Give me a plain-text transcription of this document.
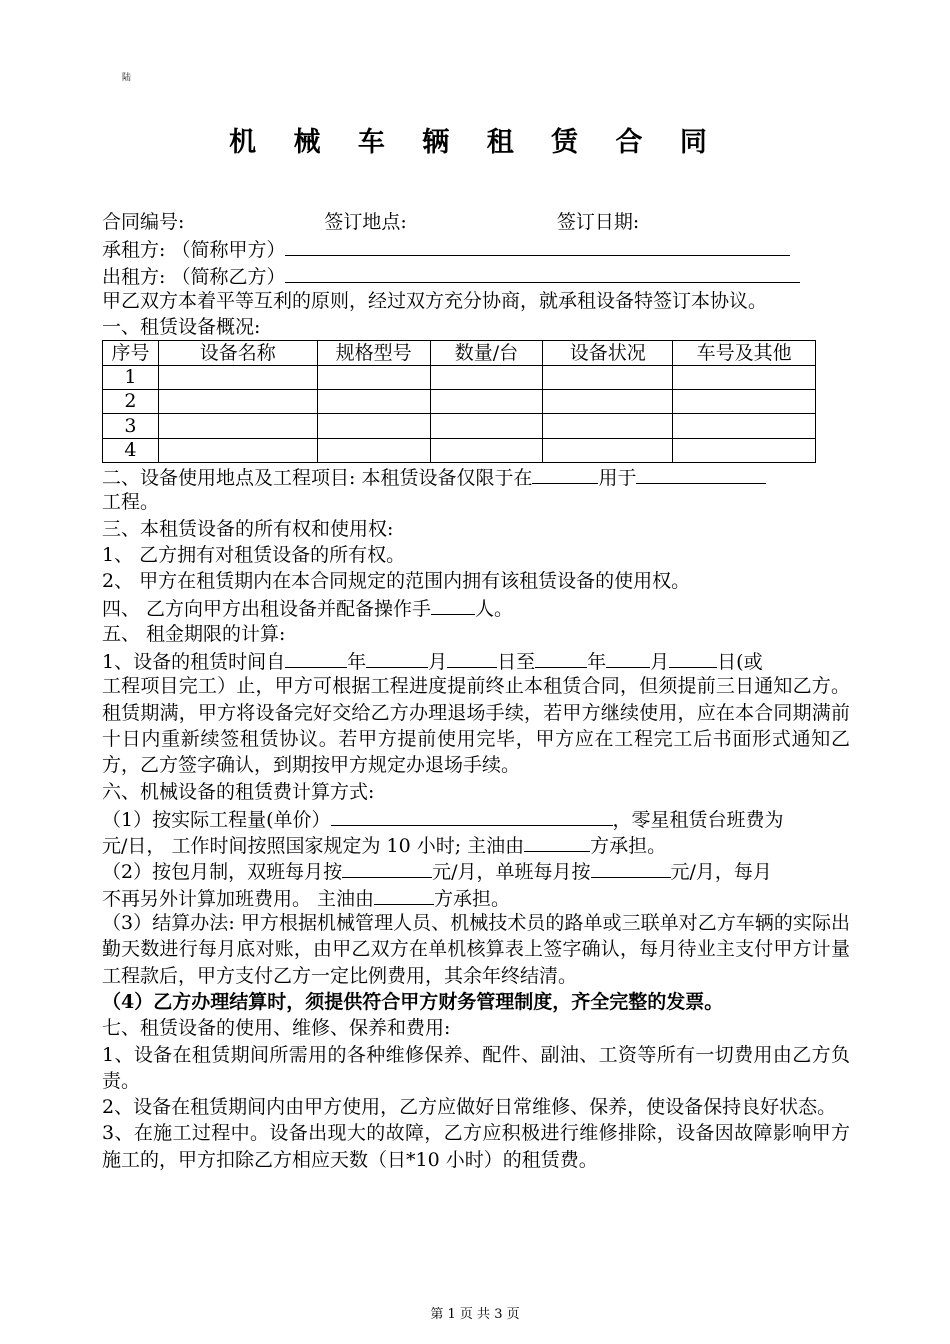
陆
机 械 车 辆 租 赁 合 同
合同编号:	签订地点:	签订日期:
承租方: （简称甲方）
出租方: （简称乙方）
甲乙双方本着平等互利的原则，经过双方充分协商，就承租设备特签订本协议。
一、租赁设备概况:
序号	设备名称	规格型号	数量/台	设备状况	车号及其他
1					
2					
3					
4					
二、设备使用地点及工程项目: 本租赁设备仅限于在	用于
工程。
三、本租赁设备的所有权和使用权:
1、 乙方拥有对租赁设备的所有权。
2、 甲方在租赁期内在本合同规定的范围内拥有该租赁设备的使用权。
四、 乙方向甲方出租设备并配备操作手 人。
五、 租金期限的计算:
1、设备的租赁时间自	年	月	日至	年 月	日(或
工程项目完工）止，甲方可根据工程进度提前终止本租赁合同，但须提前三日通知乙方。租赁期满，甲方将设备完好交给乙方办理退场手续，若甲方继续使用，应在本合同期满前十日内重新续签租赁协议。若甲方提前使用完毕，甲方应在工程完工后书面形式通知乙方，乙方签字确认，到期按甲方规定办退场手续。
六、机械设备的租赁费计算方式:
（1）按实际工程量(单价）	，零星租赁台班费为
元/日， 工作时间按照国家规定为 10 小时; 主油由	方承担。
（2）按包月制，双班每月按	元/月，单班每月按	元/月，每月
不再另外计算加班费用。 主油由	方承担。
（3）结算办法: 甲方根据机械管理人员、机械技术员的路单或三联单对乙方车辆的实际出勤天数进行每月底对账，由甲乙双方在单机核算表上签字确认，每月待业主支付甲方计量工程款后，甲方支付乙方一定比例费用，其余年终结清。
（4）乙方办理结算时，须提供符合甲方财务管理制度，齐全完整的发票。
七、租赁设备的使用、维修、保养和费用:
1、设备在租赁期间所需用的各种维修保养、配件、副油、工资等所有一切费用由乙方负责。
2、设备在租赁期间内由甲方使用，乙方应做好日常维修、保养，使设备保持良好状态。
3、在施工过程中。设备出现大的故障，乙方应积极进行维修排除，设备因故障影响甲方施工的，甲方扣除乙方相应天数（日*10 小时）的租赁费。
第 1 页 共 3 页
